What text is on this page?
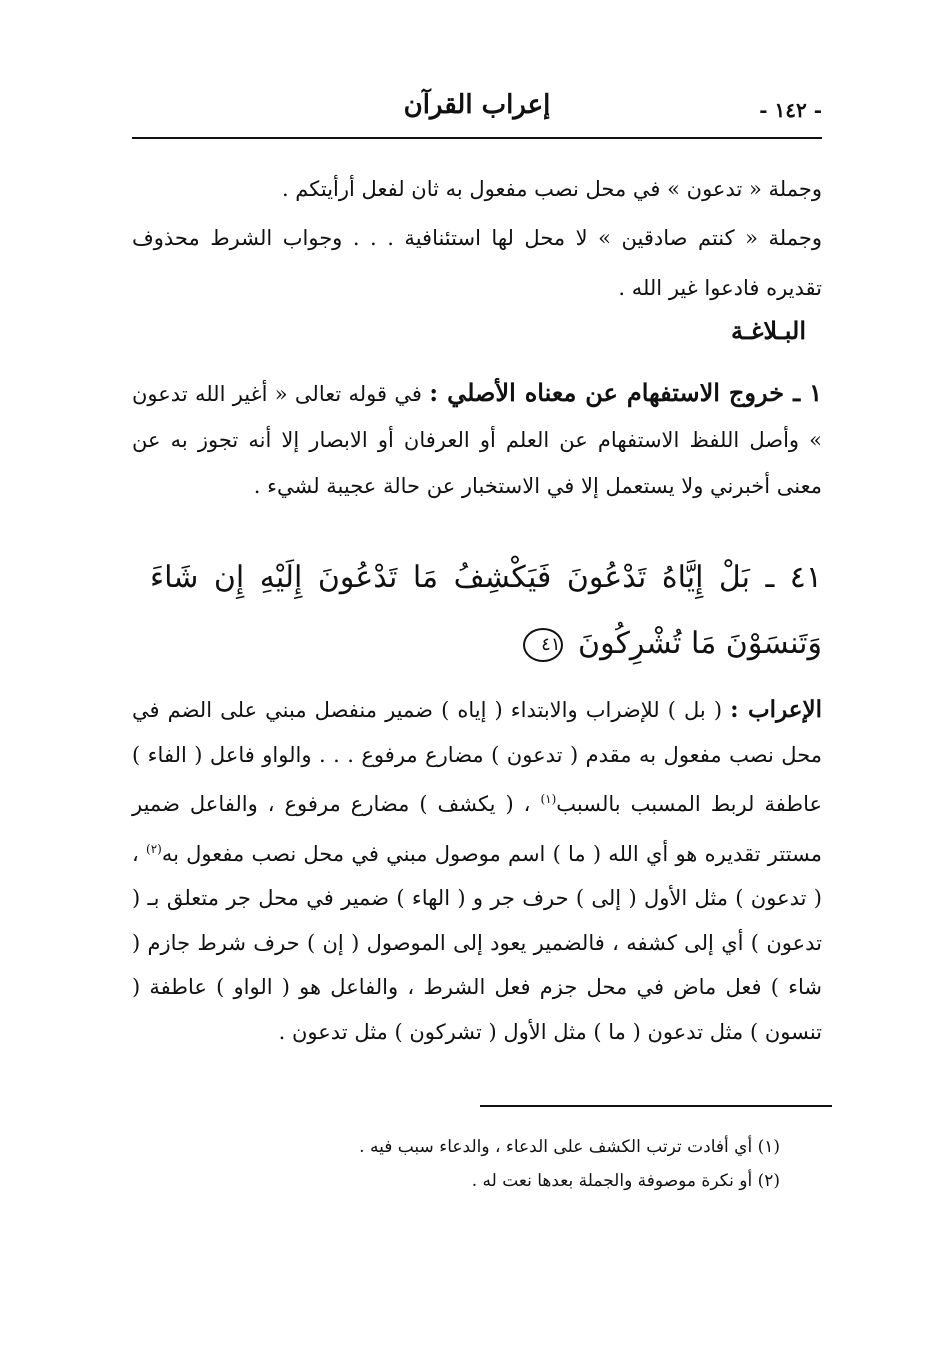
- ١٤٢ -
إعراب القرآن
وجملة « تدعون » في محل نصب مفعول به ثان لفعل أرأيتكم .
وجملة « كنتم صادقين » لا محل لها استئنافية . . . وجواب الشرط محذوف تقديره فادعوا غير الله .
البـلاغـة
١ ـ خروج الاستفهام عن معناه الأصلي : في قوله تعالى « أغير الله تدعون » وأصل اللفظ الاستفهام عن العلم أو العرفان أو الابصار إلا أنه تجوز به عن معنى أخبرني ولا يستعمل إلا في الاستخبار عن حالة عجيبة لشيء .
٤١ ـ بَلْ إِيَّاهُ تَدْعُونَ فَيَكْشِفُ مَا تَدْعُونَ إِلَيْهِ إِن شَاءَ وَتَنسَوْنَ مَا تُشْرِكُونَ ٤١
الإعراب : ( بل ) للإضراب والابتداء ( إياه ) ضمير منفصل مبني على الضم في محل نصب مفعول به مقدم ( تدعون ) مضارع مرفوع . . . والواو فاعل ( الفاء ) عاطفة لربط المسبب بالسبب$^{(١)}$ ، ( يكشف ) مضارع مرفوع ، والفاعل ضمير مستتر تقديره هو أي الله ( ما ) اسم موصول مبني في محل نصب مفعول به$^{(٢)}$ ، ( تدعون ) مثل الأول ( إلى ) حرف جر و ( الهاء ) ضمير في محل جر متعلق بـ ( تدعون ) أي إلى كشفه ، فالضمير يعود إلى الموصول ( إن ) حرف شرط جازم ( شاء ) فعل ماض في محل جزم فعل الشرط ، والفاعل هو ( الواو ) عاطفة ( تنسون ) مثل تدعون ( ما ) مثل الأول ( تشركون ) مثل تدعون .
(١) أي أفادت ترتب الكشف على الدعاء ، والدعاء سبب فيه .
(٢) أو نكرة موصوفة والجملة بعدها نعت له .
